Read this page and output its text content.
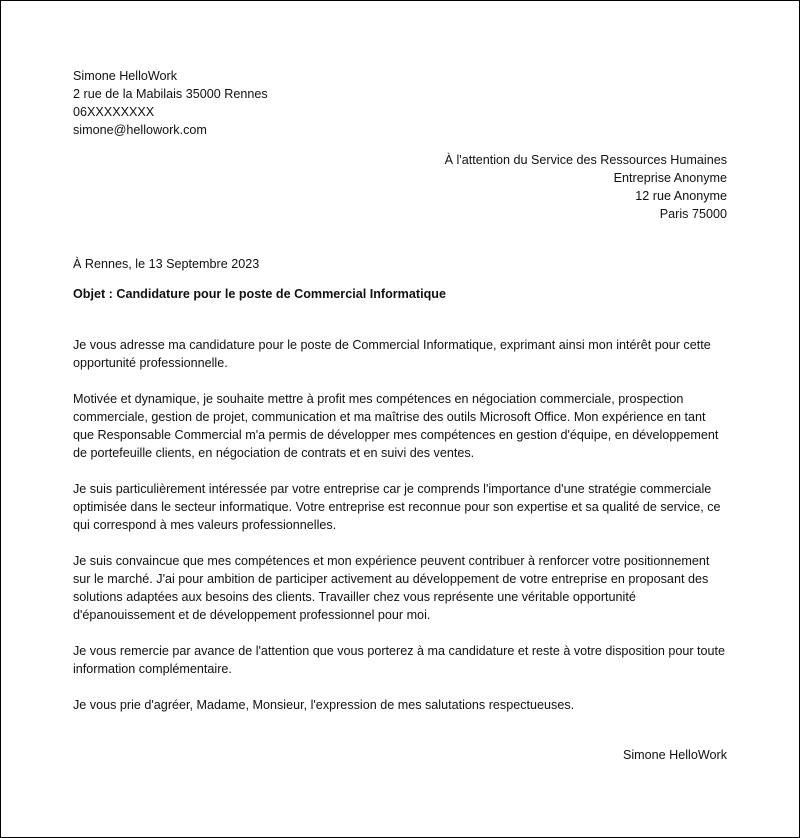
Simone HelloWork
2 rue de la Mabilais 35000 Rennes
06XXXXXXXX
simone@hellowork.com
À l'attention du Service des Ressources Humaines
Entreprise Anonyme
12 rue Anonyme
Paris 75000
À Rennes, le 13 Septembre 2023
Objet : Candidature pour le poste de Commercial Informatique

Je vous adresse ma candidature pour le poste de Commercial Informatique, exprimant ainsi mon intérêt pour cette opportunité professionnelle.

Motivée et dynamique, je souhaite mettre à profit mes compétences en négociation commerciale, prospection commerciale, gestion de projet, communication et ma maîtrise des outils Microsoft Office. Mon expérience en tant que Responsable Commercial m'a permis de développer mes compétences en gestion d'équipe, en développement de portefeuille clients, en négociation de contrats et en suivi des ventes.

Je suis particulièrement intéressée par votre entreprise car je comprends l'importance d'une stratégie commerciale optimisée dans le secteur informatique. Votre entreprise est reconnue pour son expertise et sa qualité de service, ce qui correspond à mes valeurs professionnelles.

Je suis convaincue que mes compétences et mon expérience peuvent contribuer à renforcer votre positionnement sur le marché. J'ai pour ambition de participer activement au développement de votre entreprise en proposant des solutions adaptées aux besoins des clients. Travailler chez vous représente une véritable opportunité d'épanouissement et de développement professionnel pour moi.

Je vous remercie par avance de l'attention que vous porterez à ma candidature et reste à votre disposition pour toute information complémentaire.

Je vous prie d'agréer, Madame, Monsieur, l'expression de mes salutations respectueuses.

Simone HelloWork
